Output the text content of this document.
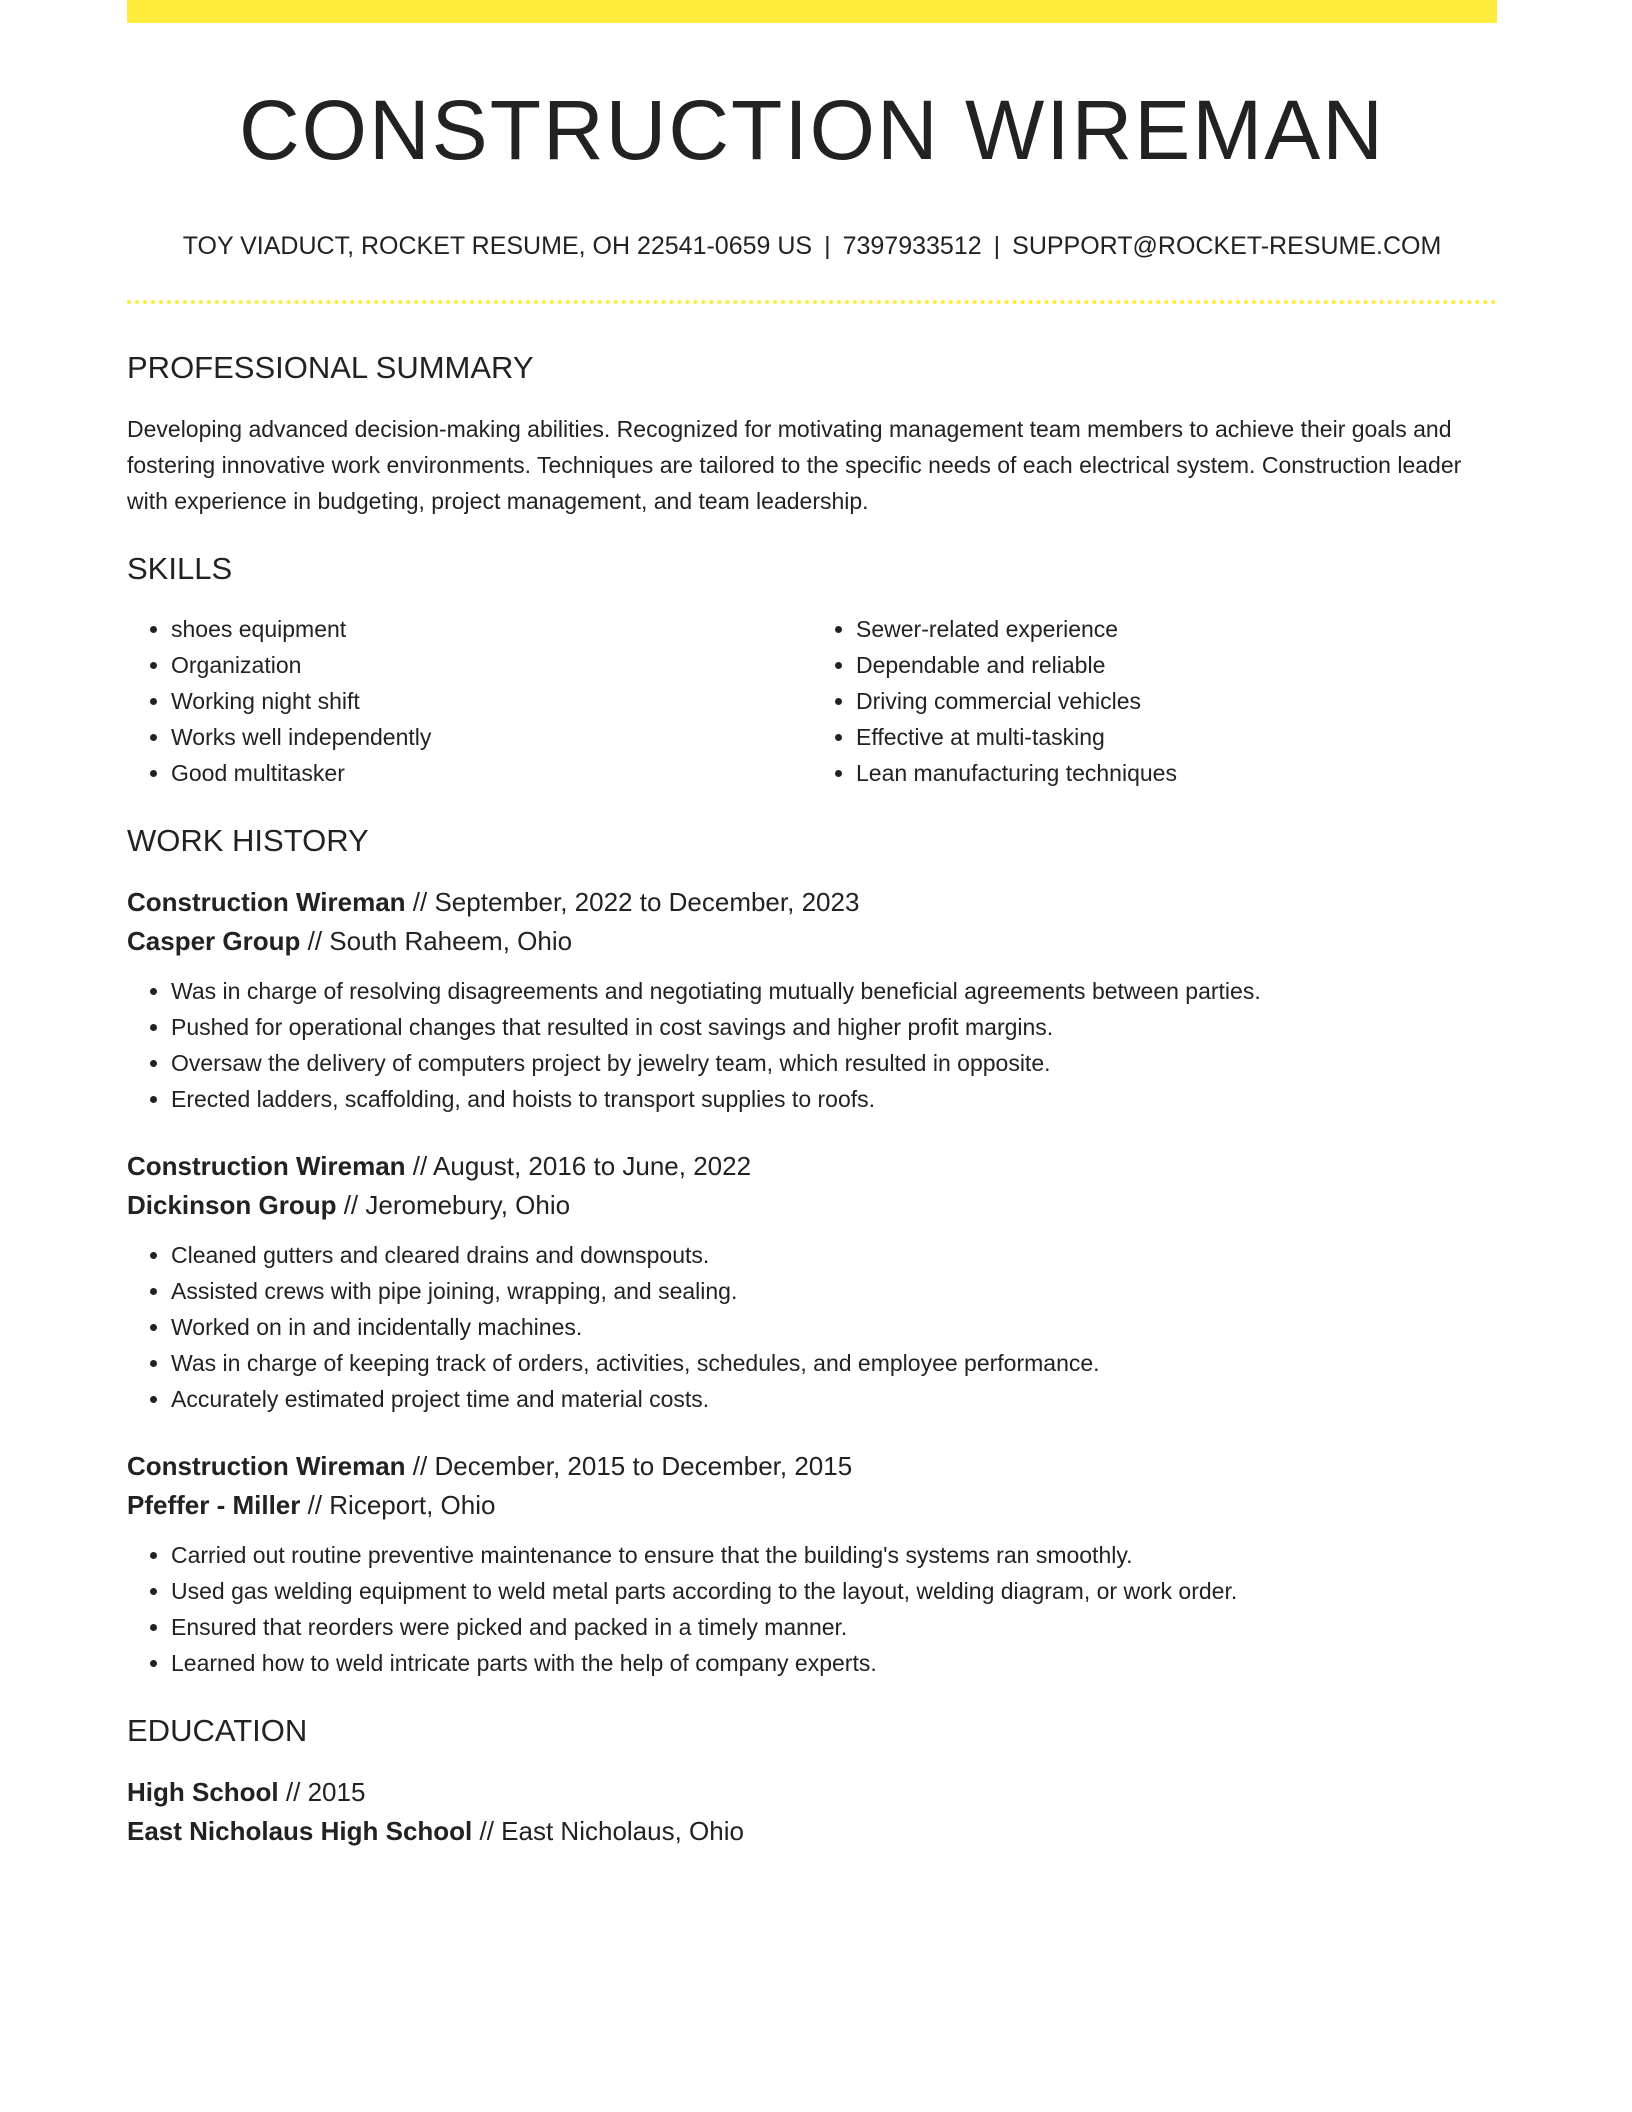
CONSTRUCTION WIREMAN
TOY VIADUCT, ROCKET RESUME, OH 22541-0659 US | 7397933512 | SUPPORT@ROCKET-RESUME.COM
PROFESSIONAL SUMMARY

Developing advanced decision-making abilities. Recognized for motivating management team members to achieve their goals and fostering innovative work environments. Techniques are tailored to the specific needs of each electrical system. Construction leader with experience in budgeting, project management, and team leadership.

SKILLS
• shoes equipment
• Organization
• Working night shift
• Works well independently
• Good multitasker
• Sewer-related experience
• Dependable and reliable
• Driving commercial vehicles
• Effective at multi-tasking
• Lean manufacturing techniques
WORK HISTORY
Construction Wireman // September, 2022 to December, 2023
Casper Group // South Raheem, Ohio
• Was in charge of resolving disagreements and negotiating mutually beneficial agreements between parties.
• Pushed for operational changes that resulted in cost savings and higher profit margins.
• Oversaw the delivery of computers project by jewelry team, which resulted in opposite.
• Erected ladders, scaffolding, and hoists to transport supplies to roofs.
Construction Wireman // August, 2016 to June, 2022
Dickinson Group // Jeromebury, Ohio
• Cleaned gutters and cleared drains and downspouts.
• Assisted crews with pipe joining, wrapping, and sealing.
• Worked on in and incidentally machines.
• Was in charge of keeping track of orders, activities, schedules, and employee performance.
• Accurately estimated project time and material costs.
Construction Wireman // December, 2015 to December, 2015
Pfeffer - Miller // Riceport, Ohio
• Carried out routine preventive maintenance to ensure that the building's systems ran smoothly.
• Used gas welding equipment to weld metal parts according to the layout, welding diagram, or work order.
• Ensured that reorders were picked and packed in a timely manner.
• Learned how to weld intricate parts with the help of company experts.
EDUCATION
High School // 2015
East Nicholaus High School // East Nicholaus, Ohio
